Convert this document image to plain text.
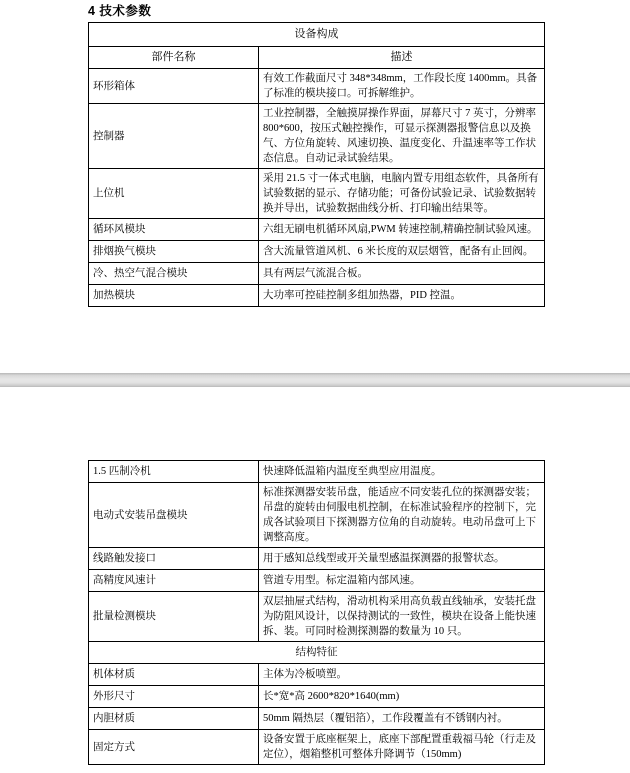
4 技术参数
设备构成	
部件名称	描述
环形箱体	有效工作截面尺寸 348*348mm，工作段长度 1400mm。具备了标准的模块接口。可拆解维护。
控制器	工业控制器，全触摸屏操作界面，屏幕尺寸 7 英寸，分辨率 800*600，按压式触控操作，可显示探测器报警信息以及换气、方位角旋转、风速切换、温度变化、升温速率等工作状态信息。自动记录试验结果。
上位机	采用 21.5 寸一体式电脑，电脑内置专用组态软件，具备所有试验数据的显示、存储功能；可备份试验记录、试验数据转换并导出，试验数据曲线分析、打印输出结果等。
循环风模块	六组无刷电机循环风扇,PWM 转速控制,精确控制试验风速。
排烟换气模块	含大流量管道风机、6 米长度的双层烟管，配备有止回阀。
冷、热空气混合模块	具有两层气流混合板。
加热模块	大功率可控硅控制多组加热器，PID 控温。
1.5 匹制冷机	快速降低温箱内温度至典型应用温度。
电动式安装吊盘模块	标准探测器安装吊盘，能适应不同安装孔位的探测器安装；吊盘的旋转由伺服电机控制，在标准试验程序的控制下，完成各试验项目下探测器方位角的自动旋转。电动吊盘可上下调整高度。
线路触发接口	用于感知总线型或开关量型感温探测器的报警状态。
高精度风速计	管道专用型。标定温箱内部风速。
批量检测模块	双层抽屉式结构，滑动机构采用高负载直线轴承，安装托盘为防阻风设计，以保持测试的一致性，模块在设备上能快速拆、装。可同时检测探测器的数量为 10 只。
结构特征	
机体材质	主体为冷板喷塑。
外形尺寸	长*宽*高 2600*820*1640(mm)
内胆材质	50mm 隔热层（覆铝箔），工作段覆盖有不锈钢内衬。
固定方式	设备安置于底座框架上，底座下部配置重载福马轮（行走及定位），烟箱整机可整体升降调节（150mm)
